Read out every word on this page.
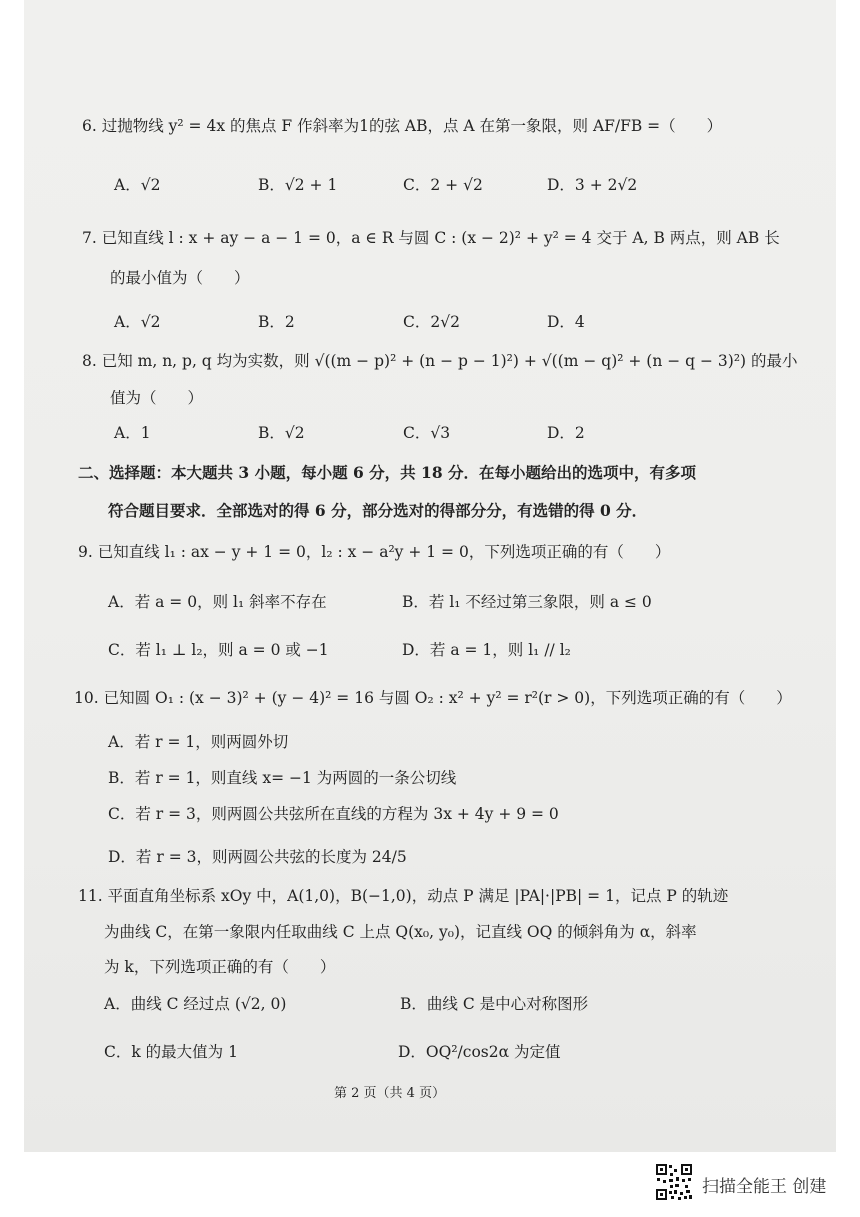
6. 过抛物线 y² = 4x 的焦点 F 作斜率为1的弦 AB，点 A 在第一象限，则 AF/FB =（　　）
A．√2	B．√2 + 1	C．2 + √2	D．3 + 2√2
7. 已知直线 l : x + ay − a − 1 = 0，a ∈ R 与圆 C : (x − 2)² + y² = 4 交于 A, B 两点，则 AB 长
的最小值为（　　）
A．√2	B．2	C．2√2	D．4
8. 已知 m, n, p, q 均为实数，则 √((m − p)² + (n − p − 1)²) + √((m − q)² + (n − q − 3)²) 的最小
值为（　　）
A．1	B．√2	C．√3	D．2
二、选择题：本大题共 3 小题，每小题 6 分，共 18 分．在每小题给出的选项中，有多项
符合题目要求．全部选对的得 6 分，部分选对的得部分分，有选错的得 0 分．
9. 已知直线 l₁ : ax − y + 1 = 0，l₂ : x − a²y + 1 = 0，下列选项正确的有（　　）
A．若 a = 0，则 l₁ 斜率不存在	B．若 l₁ 不经过第三象限，则 a ≤ 0
C．若 l₁ ⊥ l₂，则 a = 0 或 −1	D．若 a = 1，则 l₁ // l₂
10. 已知圆 O₁ : (x − 3)² + (y − 4)² = 16 与圆 O₂ : x² + y² = r²(r > 0)，下列选项正确的有（　　）
A．若 r = 1，则两圆外切
B．若 r = 1，则直线 x= −1 为两圆的一条公切线
C．若 r = 3，则两圆公共弦所在直线的方程为 3x + 4y + 9 = 0
D．若 r = 3，则两圆公共弦的长度为 24/5
11. 平面直角坐标系 xOy 中，A(1,0)，B(−1,0)，动点 P 满足 |PA|·|PB| = 1，记点 P 的轨迹
为曲线 C，在第一象限内任取曲线 C 上点 Q(x₀, y₀)，记直线 OQ 的倾斜角为 α，斜率
为 k，下列选项正确的有（　　）
A．曲线 C 经过点 (√2, 0)	B．曲线 C 是中心对称图形
C．k 的最大值为 1	D．OQ²/cos2α 为定值
第 2 页（共 4 页）
扫描全能王 创建
